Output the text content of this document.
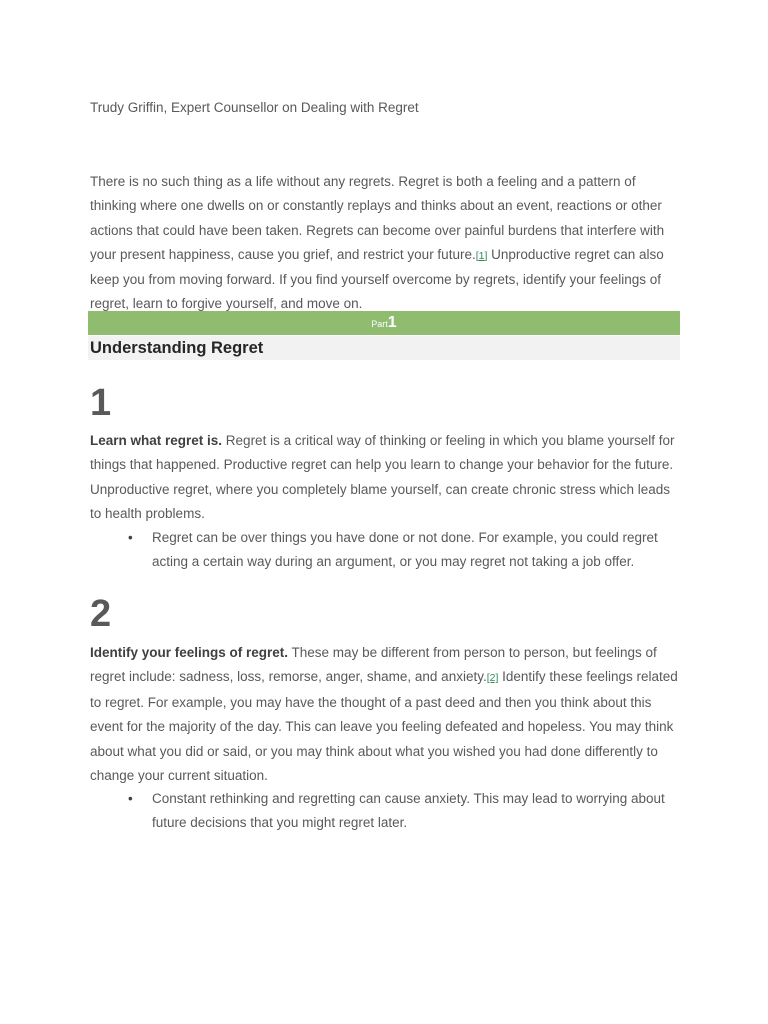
Trudy Griffin, Expert Counsellor on Dealing with Regret
There is no such thing as a life without any regrets. Regret is both a feeling and a pattern of thinking where one dwells on or constantly replays and thinks about an event, reactions or other actions that could have been taken. Regrets can become over painful burdens that interfere with your present happiness, cause you grief, and restrict your future.[1] Unproductive regret can also keep you from moving forward. If you find yourself overcome by regrets, identify your feelings of regret, learn to forgive yourself, and move on.
Part1
Understanding Regret
1
Learn what regret is. Regret is a critical way of thinking or feeling in which you blame yourself for things that happened. Productive regret can help you learn to change your behavior for the future. Unproductive regret, where you completely blame yourself, can create chronic stress which leads to health problems.
• Regret can be over things you have done or not done. For example, you could regret acting a certain way during an argument, or you may regret not taking a job offer.
2
Identify your feelings of regret. These may be different from person to person, but feelings of regret include: sadness, loss, remorse, anger, shame, and anxiety.[2] Identify these feelings related to regret. For example, you may have the thought of a past deed and then you think about this event for the majority of the day. This can leave you feeling defeated and hopeless. You may think about what you did or said, or you may think about what you wished you had done differently to change your current situation.
• Constant rethinking and regretting can cause anxiety. This may lead to worrying about future decisions that you might regret later.
